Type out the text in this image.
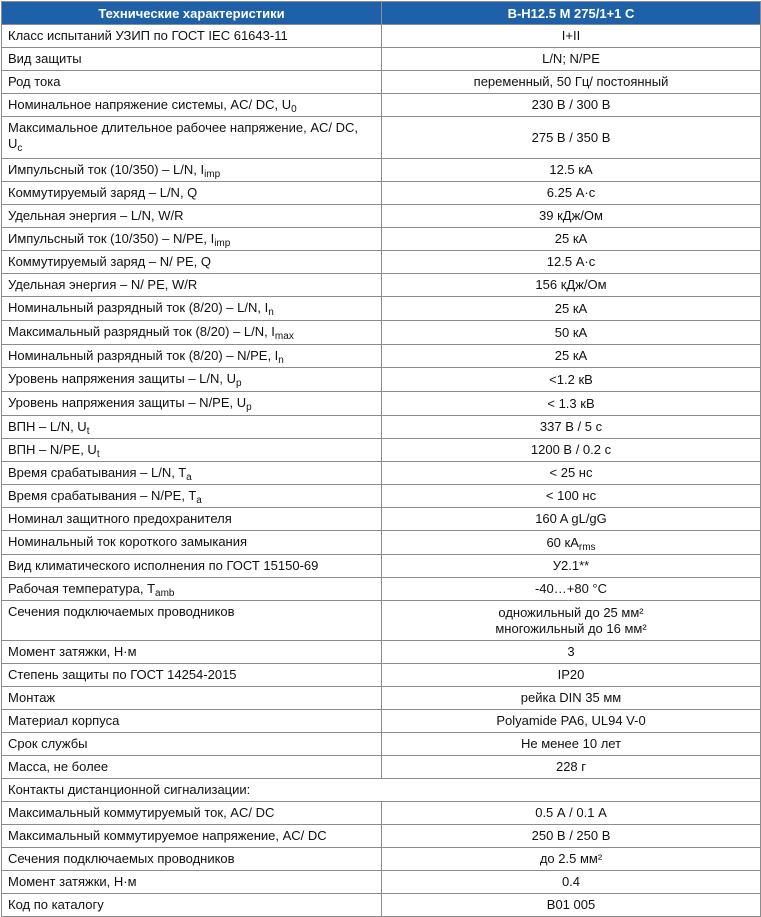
Технические характеристики	B-H12.5 M 275/1+1 C
Класс испытаний УЗИП по ГОСТ IEC 61643-11	I+II
Вид защиты	L/N; N/PE
Род тока	переменный, 50 Гц/ постоянный
Номинальное напряжение системы, AC/ DC, $U_0$	230 В / 300 В
Максимальное длительное рабочее напряжение, AC/ DC, $U_c$	275 В / 350 В
Импульсный ток (10/350) – L/N, $I_{imp}$	12.5 кА
Коммутируемый заряд – L/N, Q	6.25 А·с
Удельная энергия – L/N, W/R	39 кДж/Ом
Импульсный ток (10/350) – N/PE, $I_{imp}$	25 кА
Коммутируемый заряд – N/ PE, Q	12.5 А·с
Удельная энергия – N/ PE, W/R	156 кДж/Ом
Номинальный разрядный ток (8/20) – L/N, $I_n$	25 кА
Максимальный разрядный ток (8/20) – L/N, $I_{max}$	50 кА
Номинальный разрядный ток (8/20) – N/PE, $I_n$	25 кА
Уровень напряжения защиты – L/N, $U_p$	<1.2 кВ
Уровень напряжения защиты – N/PE, $U_p$	< 1.3 кВ
ВПН – L/N, $U_t$	337 В / 5 с
ВПН – N/PE, $U_t$	1200 В / 0.2 с
Время срабатывания – L/N, $T_a$	< 25 нс
Время срабатывания – N/PE, $T_a$	< 100 нс
Номинал защитного предохранителя	160 A gL/gG
Номинальный ток короткого замыкания	60 $кА_{rms}$
Вид климатического исполнения по ГОСТ 15150-69	У2.1**
Рабочая температура, $T_{amb}$	-40…+80 °С
Сечения подключаемых проводников	одножильный до 25 мм²
многожильный до 16 мм²

Момент затяжки, Н·м	3
Степень защиты по ГОСТ 14254-2015	IP20
Монтаж	рейка DIN 35 мм
Материал корпуса	Polyamide PA6, UL94 V-0
Срок службы	Не менее 10 лет
Масса, не более	228 г
Контакты дистанционной сигнализации:	
Максимальный коммутируемый ток, AC/ DC	0.5 А / 0.1 А
Максимальный коммутируемое напряжение, AC/ DC	250 В / 250 В
Сечения подключаемых проводников	до 2.5 мм²
Момент затяжки, Н·м	0.4
Код по каталогу	B01 005
